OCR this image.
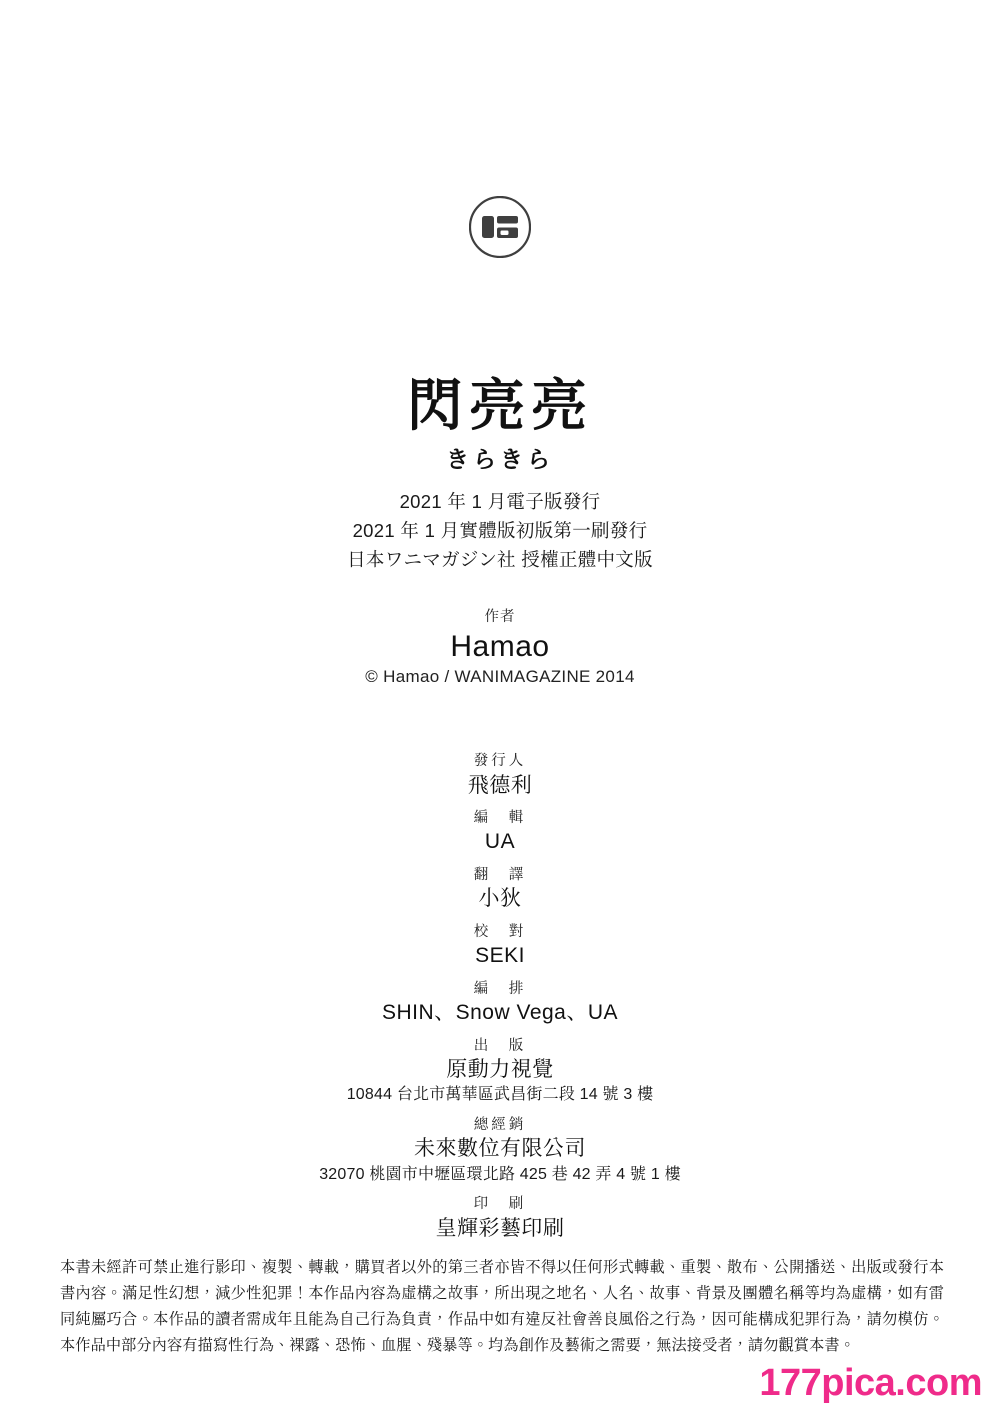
閃亮亮
きらきら
2021 年 1 月電子版發行
2021 年 1 月實體版初版第一刷發行
日本ワニマガジン社 授權正體中文版
作者
Hamao
© Hamao / WANIMAGAZINE 2014
發行人
飛德利
編　輯
UA
翻　譯
小狄
校　對
SEKI
編　排
SHIN、Snow Vega、UA
出　版
原動力視覺
10844 台北市萬華區武昌街二段 14 號 3 樓
總經銷
未來數位有限公司
32070 桃園市中壢區環北路 425 巷 42 弄 4 號 1 樓
印　刷
皇輝彩藝印刷
本書未經許可禁止進行影印、複製、轉載，購買者以外的第三者亦皆不得以任何形式轉載、重製、散布、公開播送、出版或發行本書內容。滿足性幻想，減少性犯罪！本作品內容為虛構之故事，所出現之地名、人名、故事、背景及團體名稱等均為虛構，如有雷同純屬巧合。本作品的讀者需成年且能為自己行為負責，作品中如有違反社會善良風俗之行為，因可能構成犯罪行為，請勿模仿。本作品中部分內容有描寫性行為、裸露、恐怖、血腥、殘暴等。均為創作及藝術之需要，無法接受者，請勿觀賞本書。
177pica.com
